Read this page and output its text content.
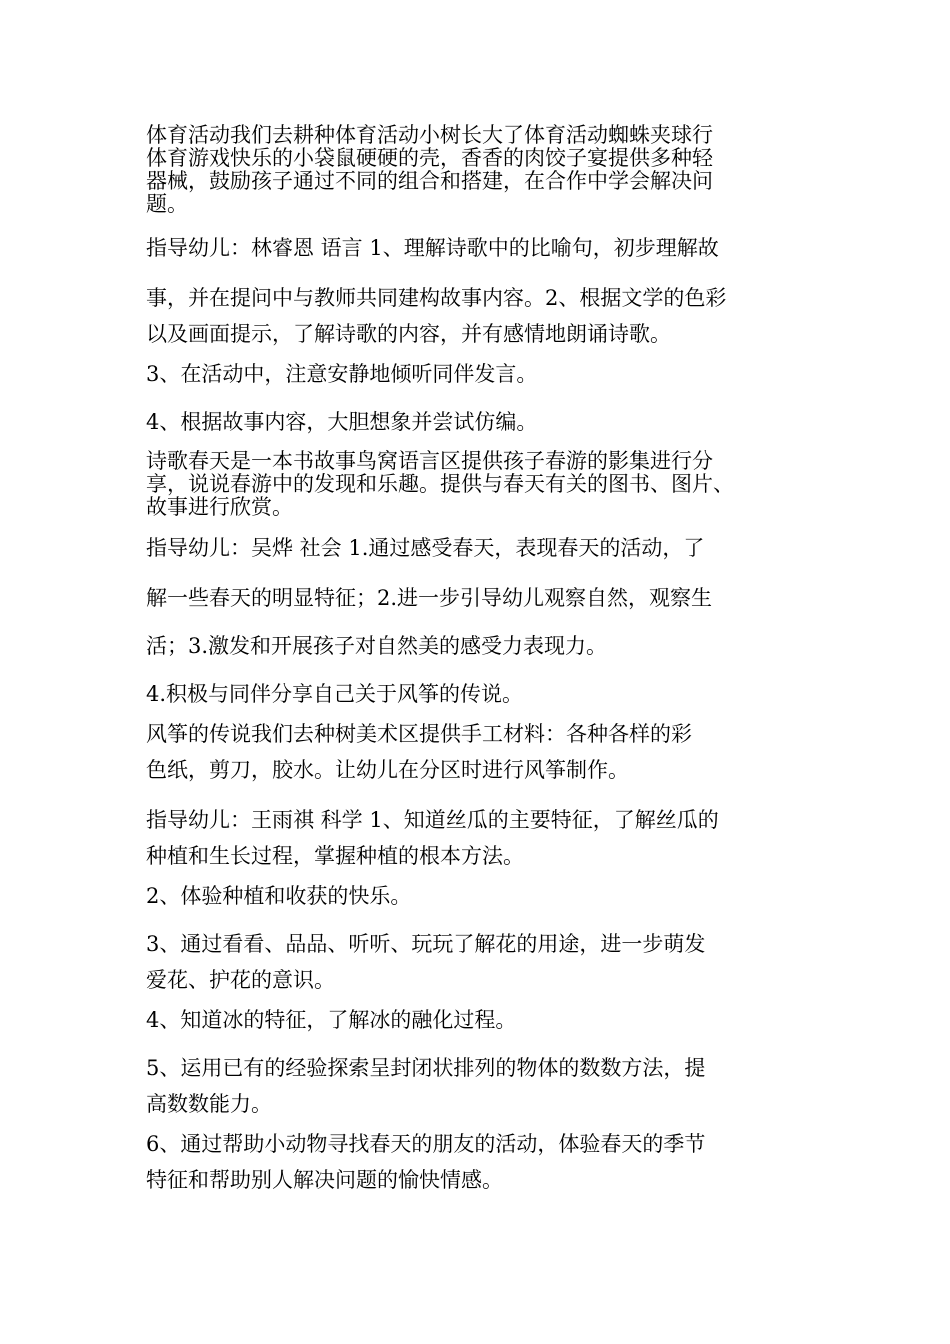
体育活动我们去耕种体育活动小树长大了体育活动蜘蛛夹球行
体育游戏快乐的小袋鼠硬硬的壳，香香的肉饺子宴提供多种轻
器械，鼓励孩子通过不同的组合和搭建，在合作中学会解决问
题。
指导幼儿：林睿恩 语言 1、理解诗歌中的比喻句，初步理解故
事，并在提问中与教师共同建构故事内容。2、根据文学的色彩
以及画面提示，了解诗歌的内容，并有感情地朗诵诗歌。
3、在活动中，注意安静地倾听同伴发言。
4、根据故事内容，大胆想象并尝试仿编。
诗歌春天是一本书故事鸟窝语言区提供孩子春游的影集进行分
享，说说春游中的发现和乐趣。提供与春天有关的图书、图片、
故事进行欣赏。
指导幼儿：吴烨 社会 1.通过感受春天，表现春天的活动，了
解一些春天的明显特征；2.进一步引导幼儿观察自然，观察生
活；3.激发和开展孩子对自然美的感受力表现力。
4.积极与同伴分享自己关于风筝的传说。
风筝的传说我们去种树美术区提供手工材料：各种各样的彩
色纸，剪刀，胶水。让幼儿在分区时进行风筝制作。
指导幼儿：王雨祺 科学 1、知道丝瓜的主要特征，了解丝瓜的
种植和生长过程，掌握种植的根本方法。
2、体验种植和收获的快乐。
3、通过看看、品品、听听、玩玩了解花的用途，进一步萌发
爱花、护花的意识。
4、知道冰的特征，了解冰的融化过程。
5、运用已有的经验探索呈封闭状排列的物体的数数方法，提
高数数能力。
6、通过帮助小动物寻找春天的朋友的活动，体验春天的季节
特征和帮助别人解决问题的愉快情感。
